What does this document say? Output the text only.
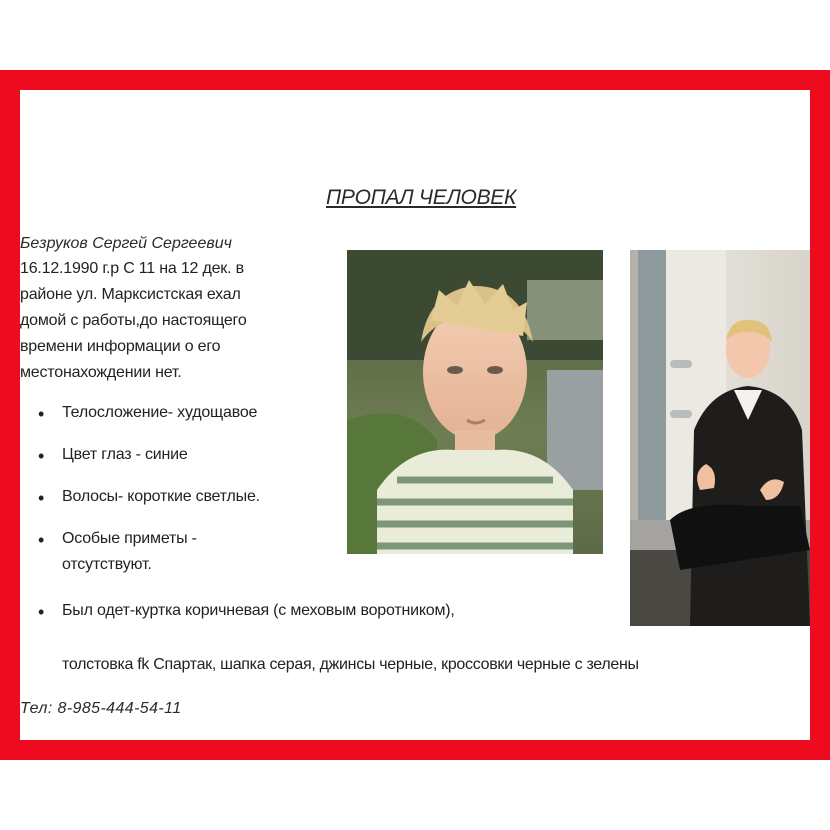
ПРОПАЛ ЧЕЛОВЕК
Безруков Сергей Сергеевич
16.12.1990 г.р С 11 на 12 дек. в
районе ул. Марксистская ехал
домой с работы,до настоящего
времени информации о его
местонахождении нет.
• Телосложение- худощавое
• Цвет глаз - синие
• Волосы- короткие светлые.
• Особые приметы -
отсутствуют.
• Был одет-куртка коричневая (с меховым воротником),
толстовка fk Спартак, шапка серая, джинсы черные, кроссовки черные с зелены
Тел: 8-985-444-54-11
